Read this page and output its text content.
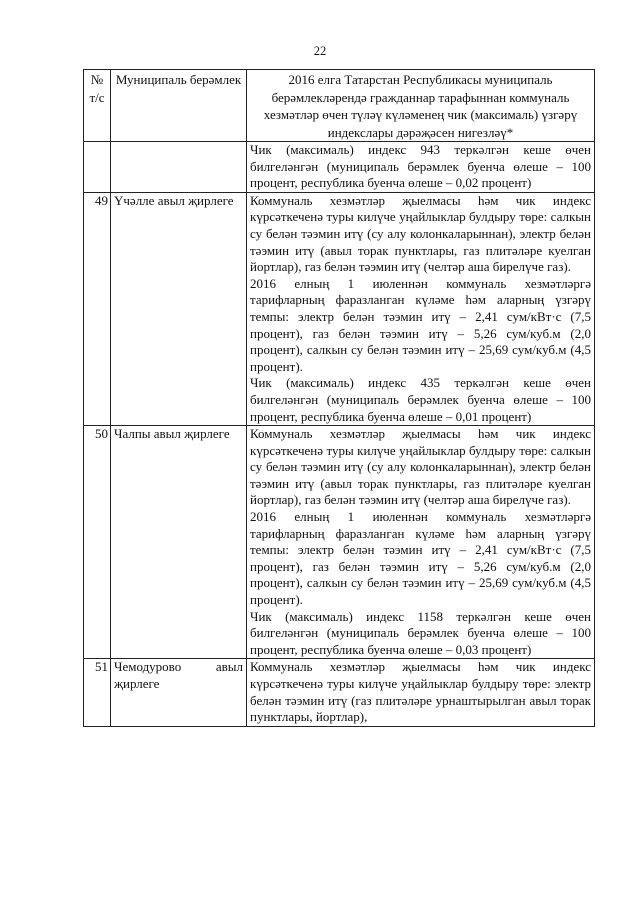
22
№ т/с	Муниципаль берәмлек	2016 елга Татарстан Республикасы муниципаль берәмлекләрендә гражданнар тарафыннан коммуналь хезмәтләр өчен түләү күләменең чик (максималь) үзгәрү индекслары дәрәҗәсен нигезләү*

		Чик (максималь) индекс 943 теркәлгән кеше өчен билгеләнгән (муниципаль берәмлек буенча өлеше – 100 процент, республика буенча өлеше – 0,02 процент)

49	Үчәлле авыл җирлеге	Коммуналь хезмәтләр җыелмасы һәм чик индекс күрсәткеченә туры килүче уңайлыклар булдыру төре: салкын су белән тәэмин итү (су алу колонкаларыннан), электр белән тәэмин итү (авыл торак пунктлары, газ плитәләре куелган йортлар), газ белән тәэмин итү (челтәр аша бирелүче газ).
2016 елның 1 июленнән коммуналь хезмәтләргә тарифларның фаразланган күләме һәм аларның үзгәрү темпы: электр белән тәэмин итү – 2,41 сум/кВт·с (7,5 процент), газ белән тәэмин итү – 5,26 сум/куб.м (2,0 процент), салкын су белән тәэмин итү – 25,69 сум/куб.м (4,5 процент).
Чик (максималь) индекс 435 теркәлгән кеше өчен билгеләнгән (муниципаль берәмлек буенча өлеше – 100 процент, республика буенча өлеше – 0,01 процент)

50	Чалпы авыл җирлеге	Коммуналь хезмәтләр җыелмасы һәм чик индекс күрсәткеченә туры килүче уңайлыклар булдыру төре: салкын су белән тәэмин итү (су алу колонкаларыннан), электр белән тәэмин итү (авыл торак пунктлары, газ плитәләре куелган йортлар), газ белән тәэмин итү (челтәр аша бирелүче газ).
2016 елның 1 июленнән коммуналь хезмәтләргә тарифларның фаразланган күләме һәм аларның үзгәрү темпы: электр белән тәэмин итү – 2,41 сум/кВт·с (7,5 процент), газ белән тәэмин итү – 5,26 сум/куб.м (2,0 процент), салкын су белән тәэмин итү – 25,69 сум/куб.м (4,5 процент).
Чик (максималь) индекс 1158 теркәлгән кеше өчен билгеләнгән (муниципаль берәмлек буенча өлеше – 100 процент, республика буенча өлеше – 0,03 процент)

51	Чемодурово авыл җирлеге	Коммуналь хезмәтләр җыелмасы һәм чик индекс күрсәткеченә туры килүче уңайлыклар булдыру төре: электр белән тәэмин итү (газ плитәләре урнаштырылган авыл торак пунктлары, йортлар),
